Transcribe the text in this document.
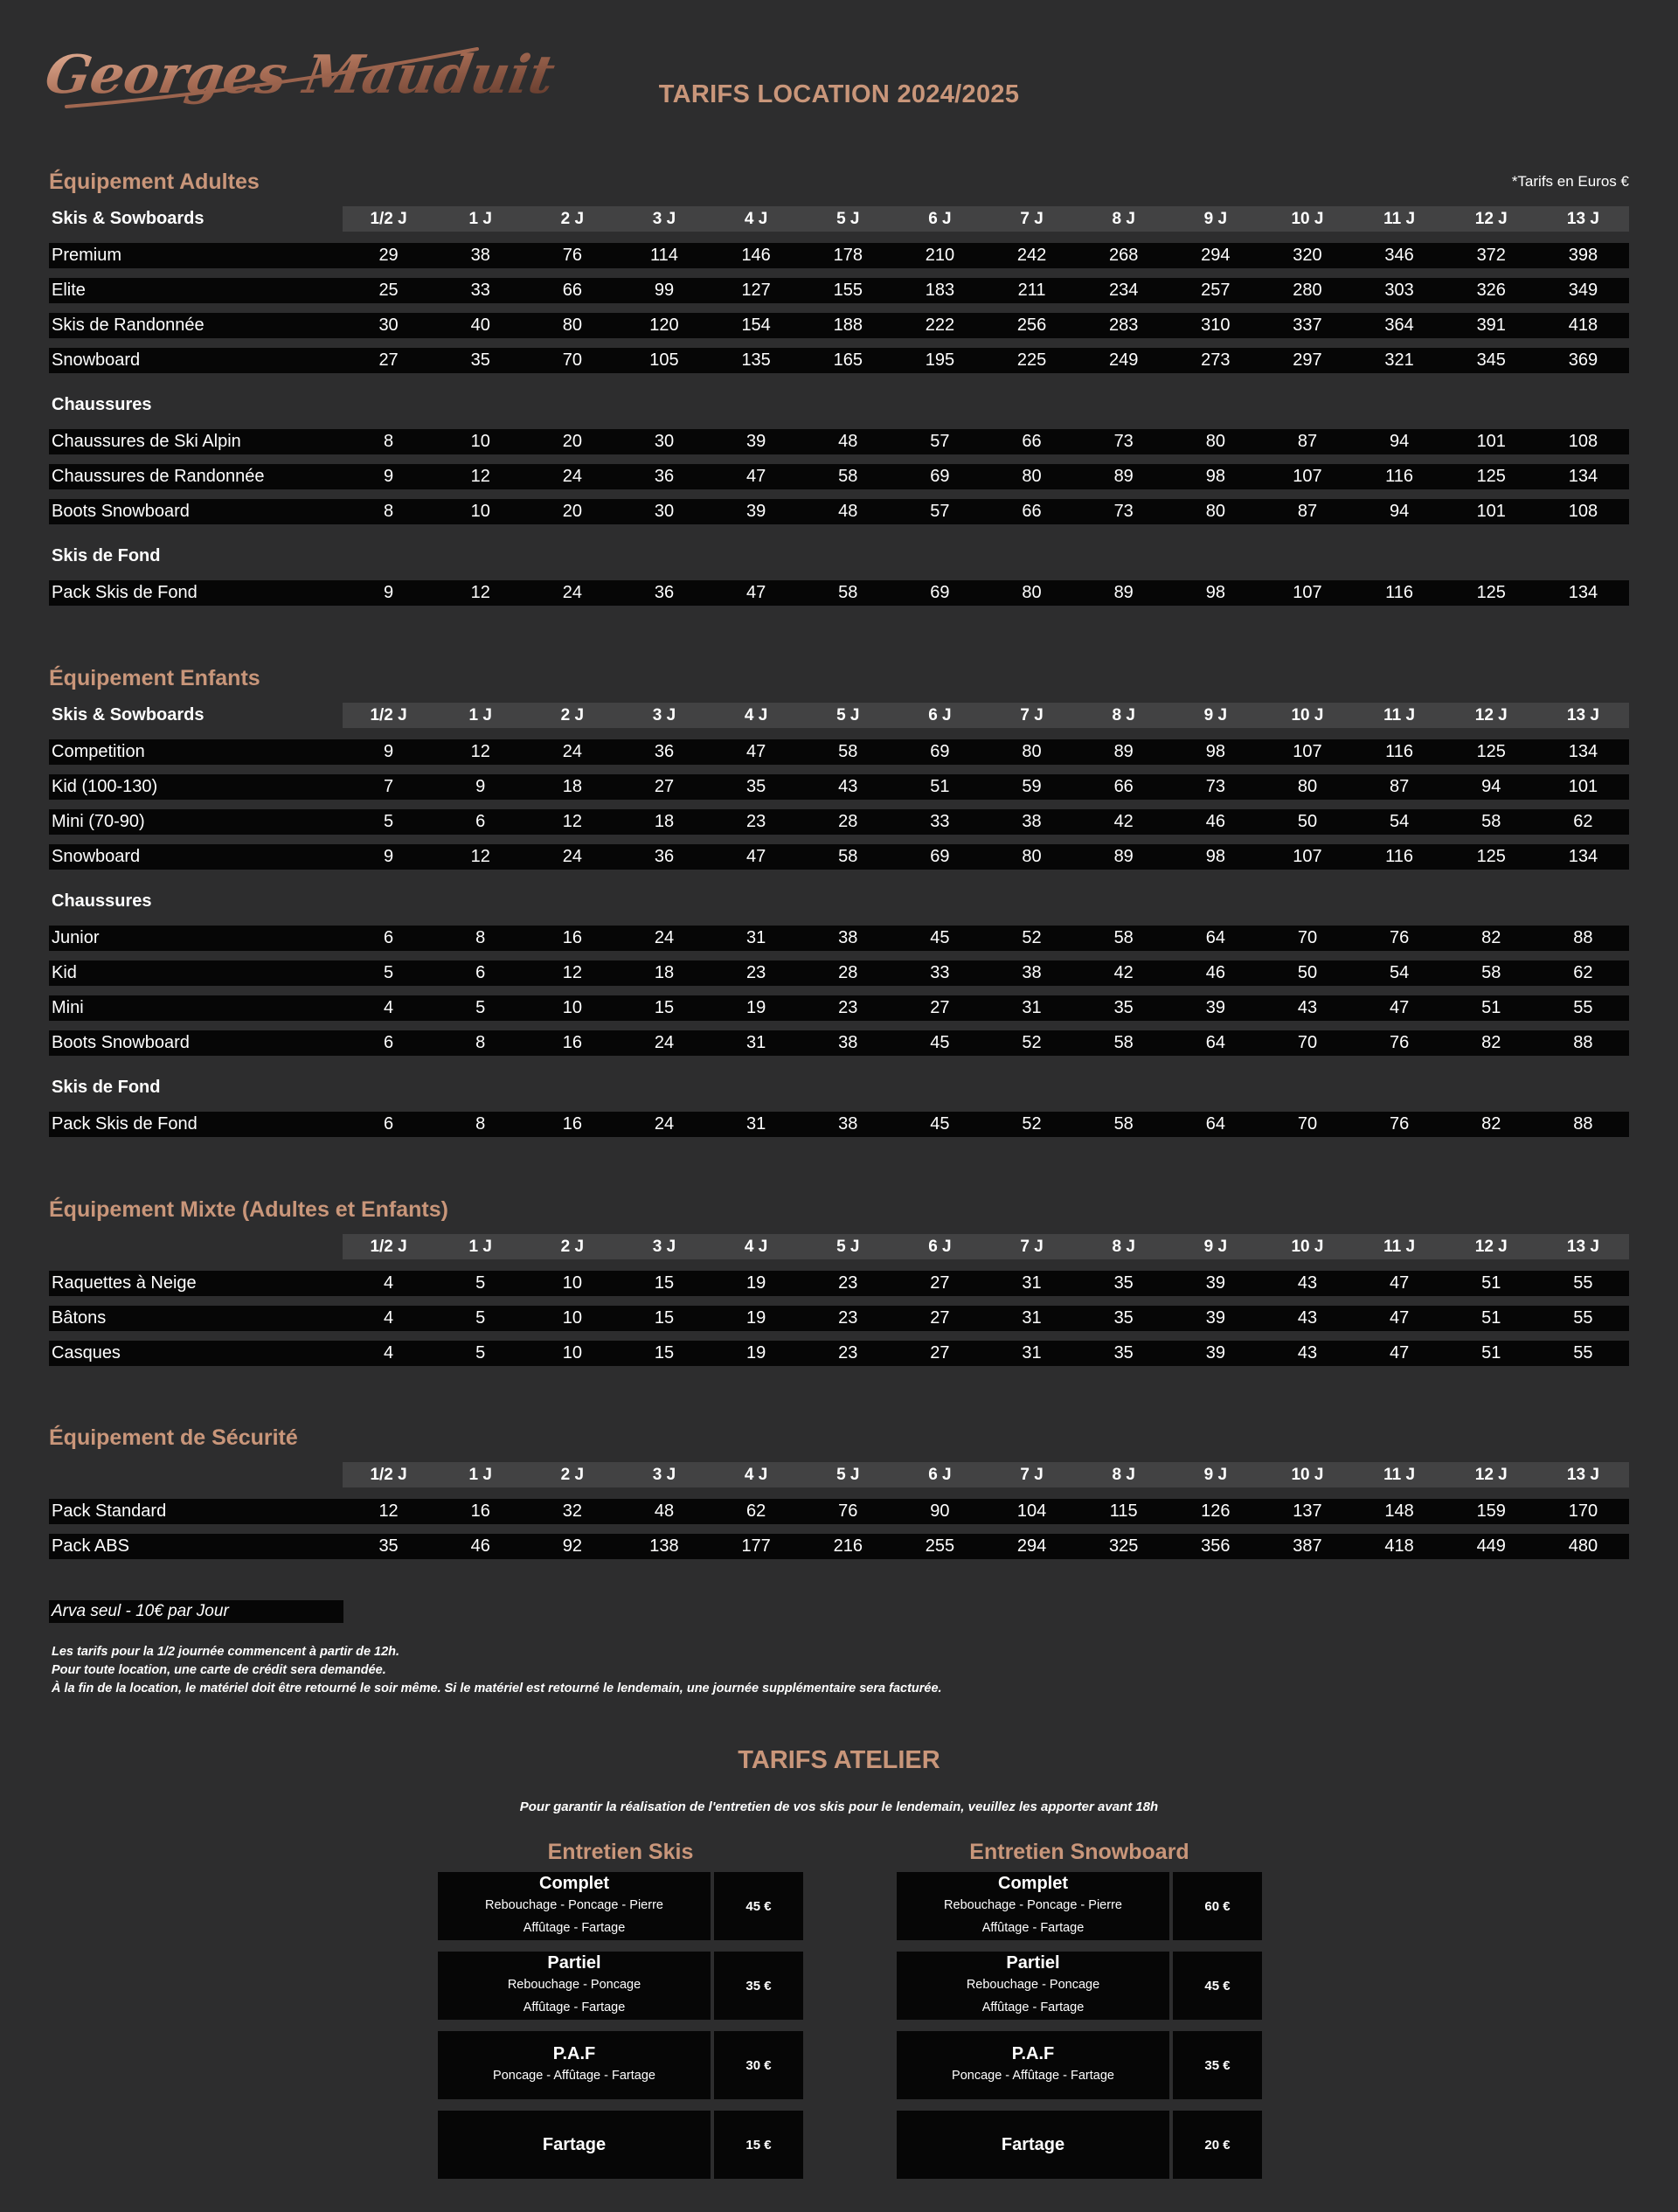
Georges Mauduit	TARIFS LOCATION 2024/2025
Équipement Adultes	*Tarifs en Euros €
Skis & Sowboards	1/2 J	1 J	2 J	3 J	4 J	5 J	6 J	7 J	8 J	9 J	10 J	11 J	12 J	13 J
Premium	29	38	76	114	146	178	210	242	268	294	320	346	372	398
Elite	25	33	66	99	127	155	183	211	234	257	280	303	326	349
Skis de Randonnée	30	40	80	120	154	188	222	256	283	310	337	364	391	418
Snowboard	27	35	70	105	135	165	195	225	249	273	297	321	345	369
Chaussures
Chaussures de Ski Alpin	8	10	20	30	39	48	57	66	73	80	87	94	101	108
Chaussures de Randonnée	9	12	24	36	47	58	69	80	89	98	107	116	125	134
Boots Snowboard	8	10	20	30	39	48	57	66	73	80	87	94	101	108
Skis de Fond
Pack Skis de Fond	9	12	24	36	47	58	69	80	89	98	107	116	125	134
Équipement Enfants
Skis & Sowboards	1/2 J	1 J	2 J	3 J	4 J	5 J	6 J	7 J	8 J	9 J	10 J	11 J	12 J	13 J
Competition	9	12	24	36	47	58	69	80	89	98	107	116	125	134
Kid (100-130)	7	9	18	27	35	43	51	59	66	73	80	87	94	101
Mini (70-90)	5	6	12	18	23	28	33	38	42	46	50	54	58	62
Snowboard	9	12	24	36	47	58	69	80	89	98	107	116	125	134
Chaussures
Junior	6	8	16	24	31	38	45	52	58	64	70	76	82	88
Kid	5	6	12	18	23	28	33	38	42	46	50	54	58	62
Mini	4	5	10	15	19	23	27	31	35	39	43	47	51	55
Boots Snowboard	6	8	16	24	31	38	45	52	58	64	70	76	82	88
Skis de Fond
Pack Skis de Fond	6	8	16	24	31	38	45	52	58	64	70	76	82	88
Équipement Mixte (Adultes et Enfants)
1/2 J	1 J	2 J	3 J	4 J	5 J	6 J	7 J	8 J	9 J	10 J	11 J	12 J	13 J
Raquettes à Neige	4	5	10	15	19	23	27	31	35	39	43	47	51	55
Bâtons	4	5	10	15	19	23	27	31	35	39	43	47	51	55
Casques	4	5	10	15	19	23	27	31	35	39	43	47	51	55
Équipement de Sécurité
1/2 J	1 J	2 J	3 J	4 J	5 J	6 J	7 J	8 J	9 J	10 J	11 J	12 J	13 J
Pack Standard	12	16	32	48	62	76	90	104	115	126	137	148	159	170
Pack ABS	35	46	92	138	177	216	255	294	325	356	387	418	449	480
Arva seul - 10€ par Jour
Les tarifs pour la 1/2 journée commencent à partir de 12h.
Pour toute location, une carte de crédit sera demandée.
À la fin de la location, le matériel doit être retourné le soir même. Si le matériel est retourné le lendemain, une journée supplémentaire sera facturée.
TARIFS ATELIER

Pour garantir la réalisation de l'entretien de vos skis pour le lendemain, veuillez les apporter avant 18h

Entretien Skis
Complet
Rebouchage - Poncage - Pierre
Affûtage - Fartage
45 €
Partiel
Rebouchage - Poncage
Affûtage - Fartage
35 €
P.A.F
Poncage - Affûtage - Fartage
30 €
Fartage	15 €
Entretien Snowboard
Complet
Rebouchage - Poncage - Pierre
Affûtage - Fartage
60 €
Partiel
Rebouchage - Poncage
Affûtage - Fartage
45 €
P.A.F
Poncage - Affûtage - Fartage
35 €
Fartage	20 €
